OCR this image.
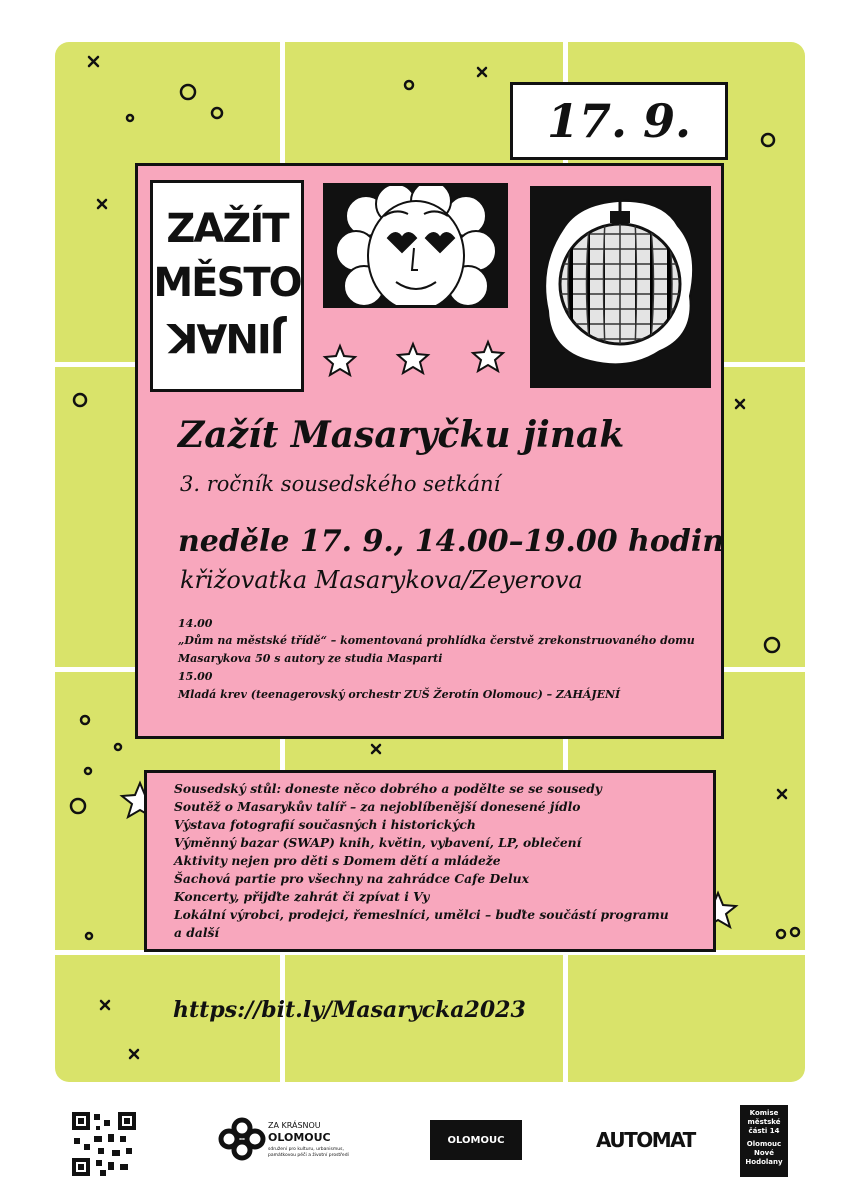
17. 9.
ZAŽÍT
MĚSTO
JINAK
Zažít Masaryčku jinak
3. ročník sousedského setkání
neděle 17. 9., 14.00–19.00 hodin
křižovatka Masarykova/Zeyerova
14.00
„Dům na městské třídě“ – komentovaná prohlídka čerstvě zrekonstruovaného domu
Masarykova 50 s autory ze studia Masparti
15.00
Mladá krev (teenagerovský orchestr ZUŠ Žerotín Olomouc) – ZAHÁJENÍ
Sousedský stůl: doneste něco dobrého a podělte se se sousedy
Soutěž o Masarykův talíř – za nejoblíbenější donesené jídlo
Výstava fotografií současných i historických
Výměnný bazar (SWAP) knih, květin, vybavení, LP, oblečení
Aktivity nejen pro děti s Domem dětí a mládeže
Šachová partie pro všechny na zahrádce Cafe Delux
Koncerty, přijďte zahrát či zpívat i Vy
Lokální výrobci, prodejci, řemeslníci, umělci – buďte součástí programu
a další
https://bit.ly/Masarycka2023
ZA KRÁSNOU
OLOMOUC
sdružení pro kulturu, urbanismus,
památkovou péči a životní prostředí
OLOMOUC	AUTOMAT
Komise
městské
části 14
Olomouc
Nové
Hodolany
